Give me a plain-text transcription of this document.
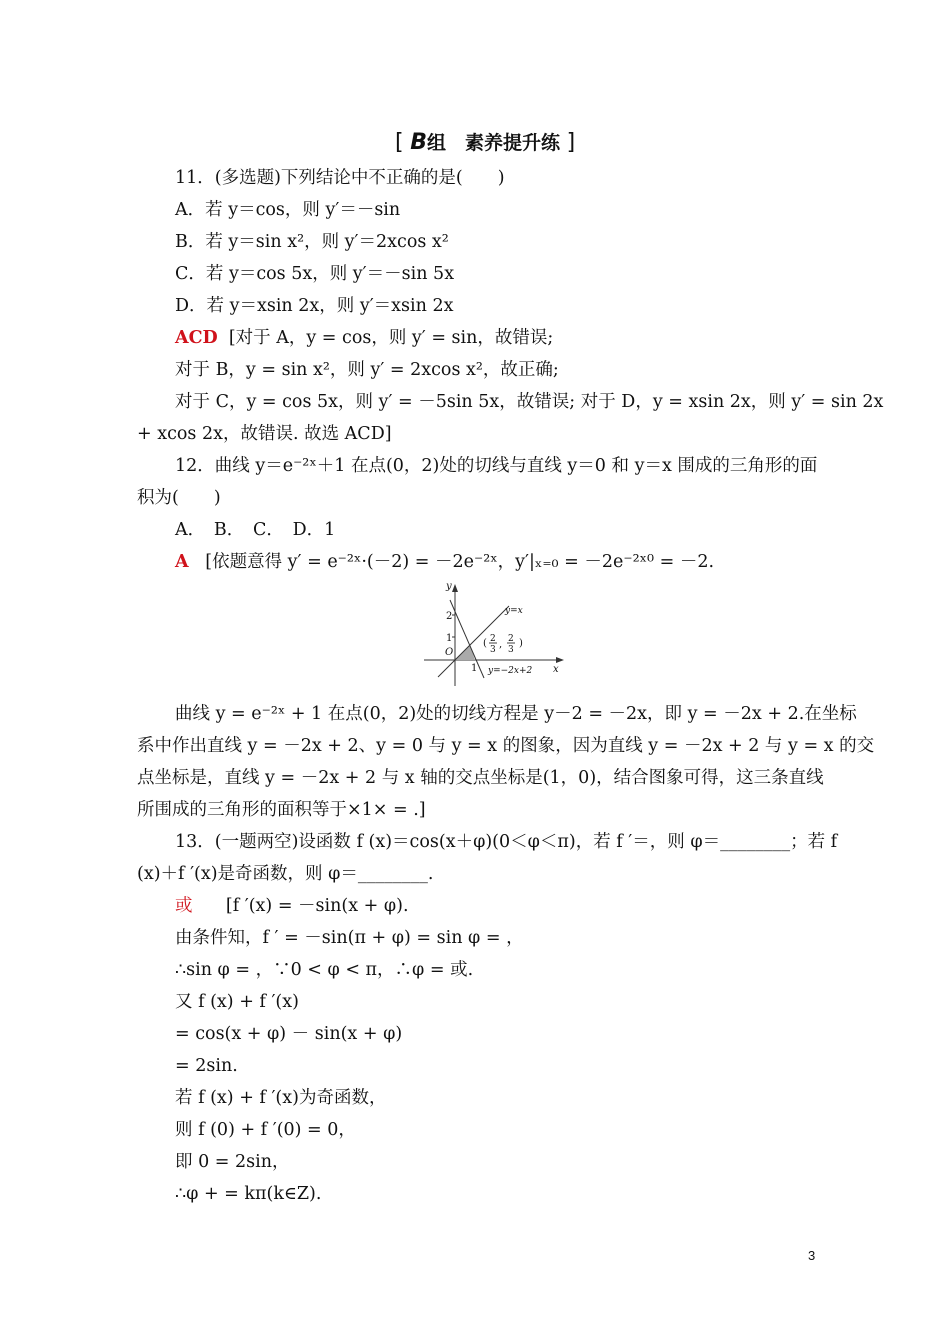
[ B组　素养提升练 ]
11．(多选题)下列结论中不正确的是(　　)
A．若 y＝cos，则 y′＝－sin
B．若 y＝sin x²，则 y′＝2xcos x²
C．若 y＝cos 5x，则 y′＝－sin 5x
D．若 y＝xsin 2x，则 y′＝xsin 2x
ACD [对于 A，y = cos，则 y′ = sin，故错误;
对于 B，y = sin x²，则 y′ = 2xcos x²，故正确;
对于 C，y = cos 5x，则 y′ = －5sin 5x，故错误; 对于 D，y = xsin 2x，则 y′ = sin 2x
+ xcos 2x，故错误. 故选 ACD]
12．曲线 y＝e⁻²ˣ＋1 在点(0，2)处的切线与直线 y＝0 和 y＝x 围成的三角形的面
积为(　　)
A．　B．　C．　D．1
A [依题意得 y′ = e⁻²ˣ·(－2) = －2e⁻²ˣ，y′|ₓ₌₀ = －2e⁻²ˣ⁰ = －2.
y
x
O
1
2
1
y=x
y=−2x+2
( 2
3 , 2
3
)
曲线 y = e⁻²ˣ + 1 在点(0，2)处的切线方程是 y－2 = －2x，即 y = －2x + 2.在坐标
系中作出直线 y = －2x + 2、y = 0 与 y = x 的图象，因为直线 y = －2x + 2 与 y = x 的交
点坐标是，直线 y = －2x + 2 与 x 轴的交点坐标是(1，0)，结合图象可得，这三条直线
所围成的三角形的面积等于×1× = .]
13．(一题两空)设函数 f (x)＝cos(x＋φ)(0＜φ＜π)，若 f ′＝，则 φ＝________；若 f
(x)＋f ′(x)是奇函数，则 φ＝________.
或 [f ′(x) = －sin(x + φ).
由条件知，f ′ = －sin(π + φ) = sin φ = ，
∴sin φ = ，∵0 < φ < π，∴φ = 或.
又 f (x) + f ′(x)
= cos(x + φ) － sin(x + φ)
= 2sin.
若 f (x) + f ′(x)为奇函数，
则 f (0) + f ′(0) = 0，
即 0 = 2sin，
∴φ + = kπ(k∈Z).
3
